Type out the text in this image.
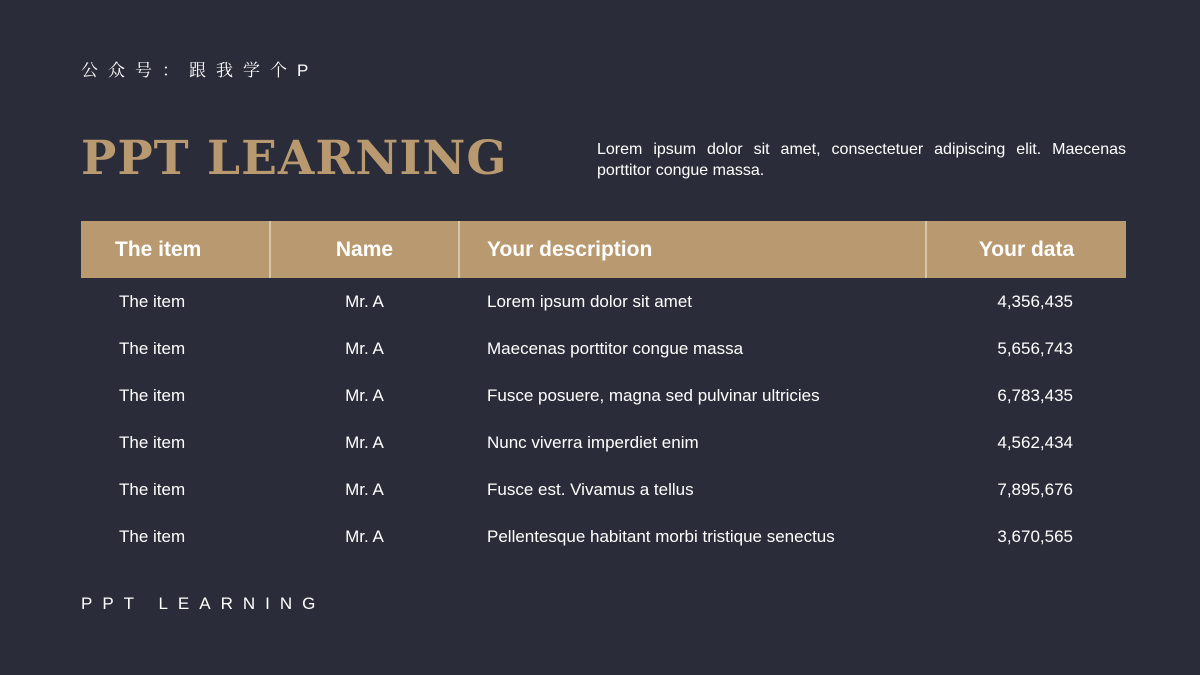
公众号：跟我学个P
PPT LEARNING	Lorem ipsum dolor sit amet, consectetuer adipiscing elit. Maecenas porttitor congue massa.
The item	Name	Your description	Your data
The item	Mr. A	Lorem ipsum dolor sit amet	4,356,435
The item	Mr. A	Maecenas porttitor congue massa	5,656,743
The item	Mr. A	Fusce posuere, magna sed pulvinar ultricies	6,783,435
The item	Mr. A	Nunc viverra imperdiet enim	4,562,434
The item	Mr. A	Fusce est. Vivamus a tellus	7,895,676
The item	Mr. A	Pellentesque habitant morbi tristique senectus	3,670,565
PPT LEARNING
